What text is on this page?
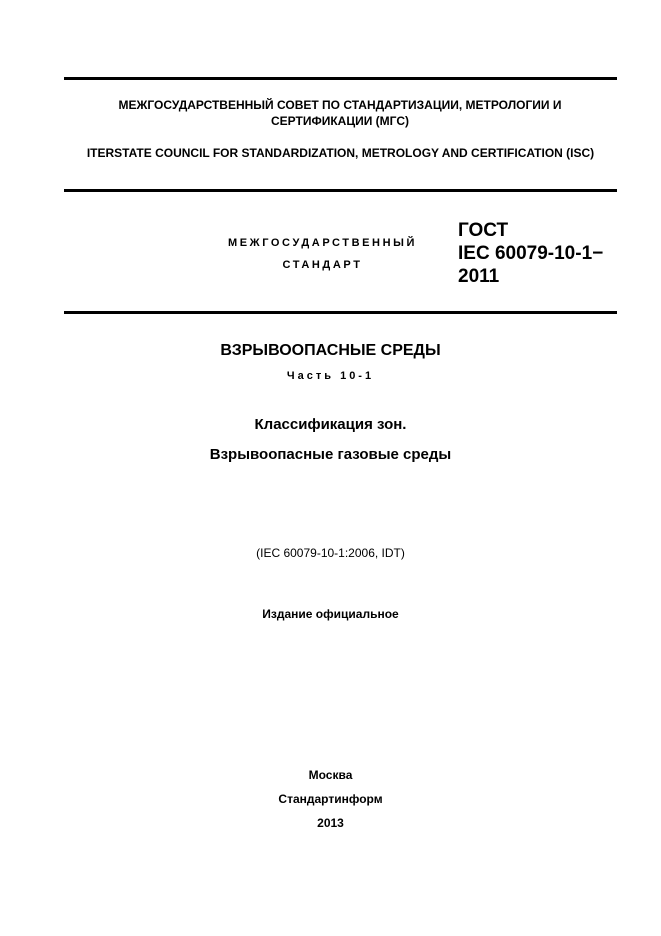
МЕЖГОСУДАРСТВЕННЫЙ СОВЕТ ПО СТАНДАРТИЗАЦИИ, МЕТРОЛОГИИ И СЕРТИФИКАЦИИ (МГС)
ITERSTATE COUNCIL FOR STANDARDIZATION, METROLOGY AND CERTIFICATION (ISC)
МЕЖГОСУДАРСТВЕННЫЙ
СТАНДАРТ
ГОСТ
IEC 60079-10-1−
2011
ВЗРЫВООПАСНЫЕ СРЕДЫ
Часть 10-1
Классификация зон.
Взрывоопасные газовые среды
(IEC 60079-10-1:2006, IDT)
Издание официальное
Москва
Стандартинформ
2013
